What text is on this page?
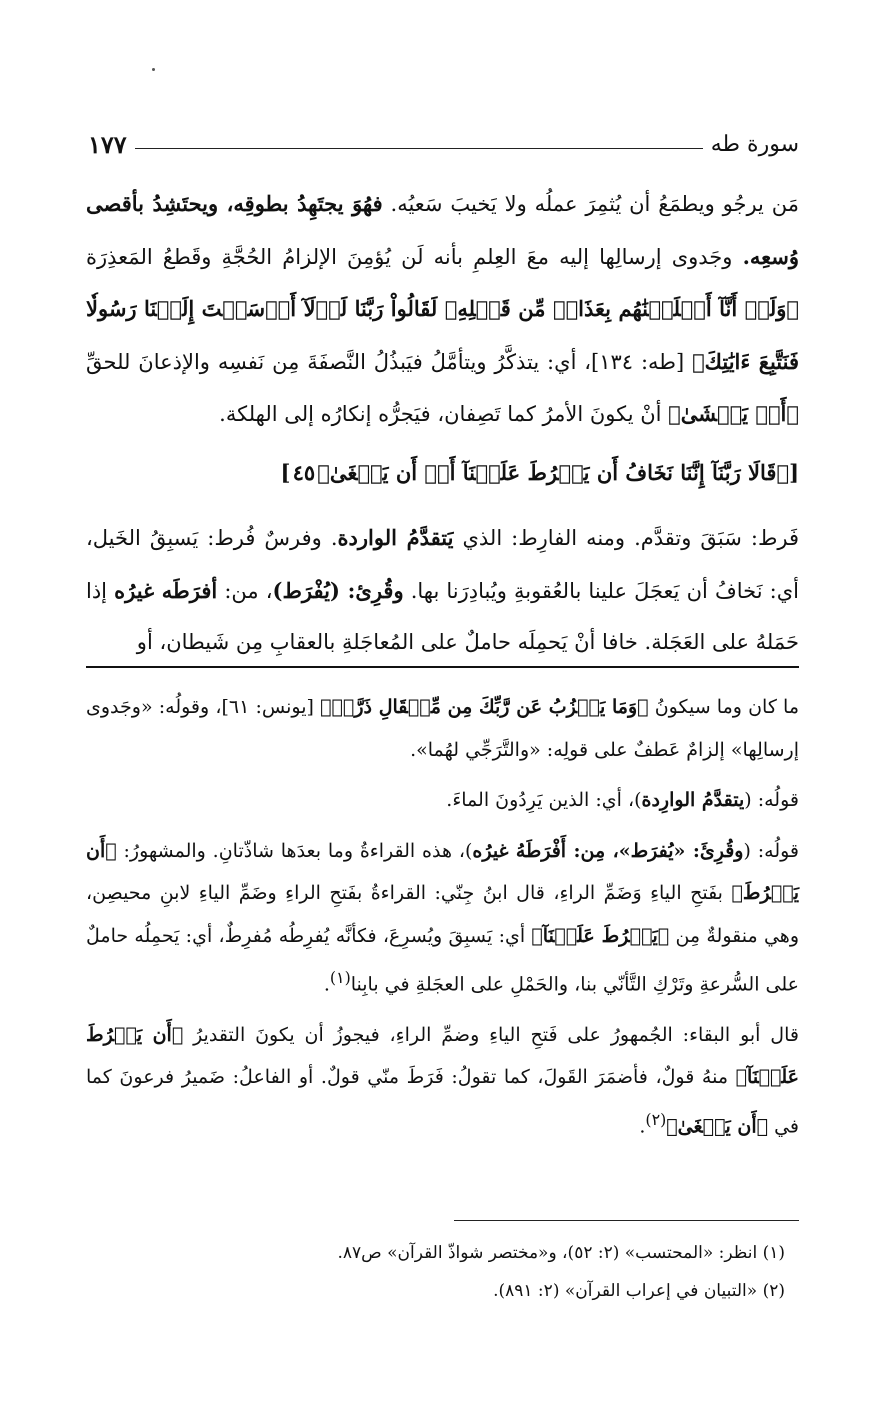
سورة طه
١٧٧

مَن يرجُو ويطمَعُ أن يُثمِرَ عملُه ولا يَخيبَ سَعيُه. فهُوَ يجتَهِدُ بطوقِه، ويحتَشِدُ بأقصى وُسعِه. وجَدوى إرسالِها إليه معَ العِلمِ بأنه لَن يُؤمِنَ الإلزامُ الحُجَّةِ وقَطعُ المَعذِرَة ﴿وَلَوۡ أَنَّآ أَهۡلَكۡنَٰهُم بِعَذَابٖ مِّن قَبۡلِهِۦ لَقَالُواْ رَبَّنَا لَوۡلَآ أَرۡسَلۡتَ إِلَيۡنَا رَسُولٗا فَنَتَّبِعَ ءَايَٰتِكَ﴾ [طه: ١٣٤]، أي: يتذكَّرُ ويتأمَّلُ فيَبذُلُ النَّصفَةَ مِن نَفسِه والإذعانَ للحقِّ ﴿أَوۡ يَخۡشَىٰ﴾ أنْ يكونَ الأمرُ كما تَصِفان، فيَجرُّه إنكارُه إلى الهلكة.

[﴿قَالَا رَبَّنَآ إِنَّنَا نَخَافُ أَن يَفۡرُطَ عَلَيۡنَآ أَوۡ أَن يَطۡغَىٰ﴾ ٤٥ ]

فَرط: سَبَقَ وتقدَّم. ومنه الفارِط: الذي يَتقدَّمُ الواردة. وفرسٌ فُرط: يَسبِقُ الخَيل، أي: نَخافُ أن يَعجَلَ علينا بالعُقوبةِ ويُبادِرَنا بها. وقُرِئ: (يُفْرَط)، من: أفرَطَه غيرُه إذا حَمَلهُ على العَجَلة. خافا أنْ يَحمِلَه حاملٌ على المُعاجَلةِ بالعقابِ مِن شَيطان، أو

ما كان وما سيكونُ ﴿وَمَا يَعۡزُبُ عَن رَّبِّكَ مِن مِّثۡقَالِ ذَرَّةٖ﴾ [يونس: ٦١]، وقولُه: «وجَدوى إرسالِها» إلزامٌ عَطفٌ على قولِه: «والتَّرَجِّي لهُما».

قولُه: (يتقدَّمُ الوارِدة)، أي: الذين يَرِدُونَ الماءَ.

قولُه: (وقُرِئَ: «يُفرَط»، مِن: أَفْرَطَهُ غيرُه)، هذه القراءةُ وما بعدَها شاذّتانِ. والمشهورُ: ﴿أَن يَفۡرُطَ﴾ بفَتحِ الياءِ وَضَمِّ الراءِ، قال ابنُ جِنّي: القراءةُ بفَتحِ الراءِ وضَمِّ الياءِ لابنِ محيصِن، وهي منقولةٌ مِن ﴿يَفۡرُطَ عَلَيۡنَآ﴾ أي: يَسبِقَ ويُسرِعَ، فكأنَّه يُفرِطُه مُفرِطٌ، أي: يَحمِلُه حاملٌ على السُّرعةِ وتَرْكِ التَّأنّي بنا، والحَمْلِ على العجَلةِ في بابِنا$^{(١)}$.

قال أبو البقاء: الجُمهورُ على فَتحِ الياءِ وضمِّ الراءِ، فيجوزُ أن يكونَ التقديرُ ﴿أَن يَفۡرُطَ عَلَيۡنَآ﴾ منهُ قولٌ، فأضمَرَ القَولَ، كما تقولُ: فَرَطَ منّي قولٌ. أو الفاعلُ: ضَميرُ فرعونَ كما في ﴿أَن يَطۡغَىٰ﴾$^{(٢)}$.

(١) انظر: «المحتسب» (٢: ٥٢)، و«مختصر شواذّ القرآن» ص٨٧.

(٢) «التبيان في إعراب القرآن» (٢: ٨٩١).
